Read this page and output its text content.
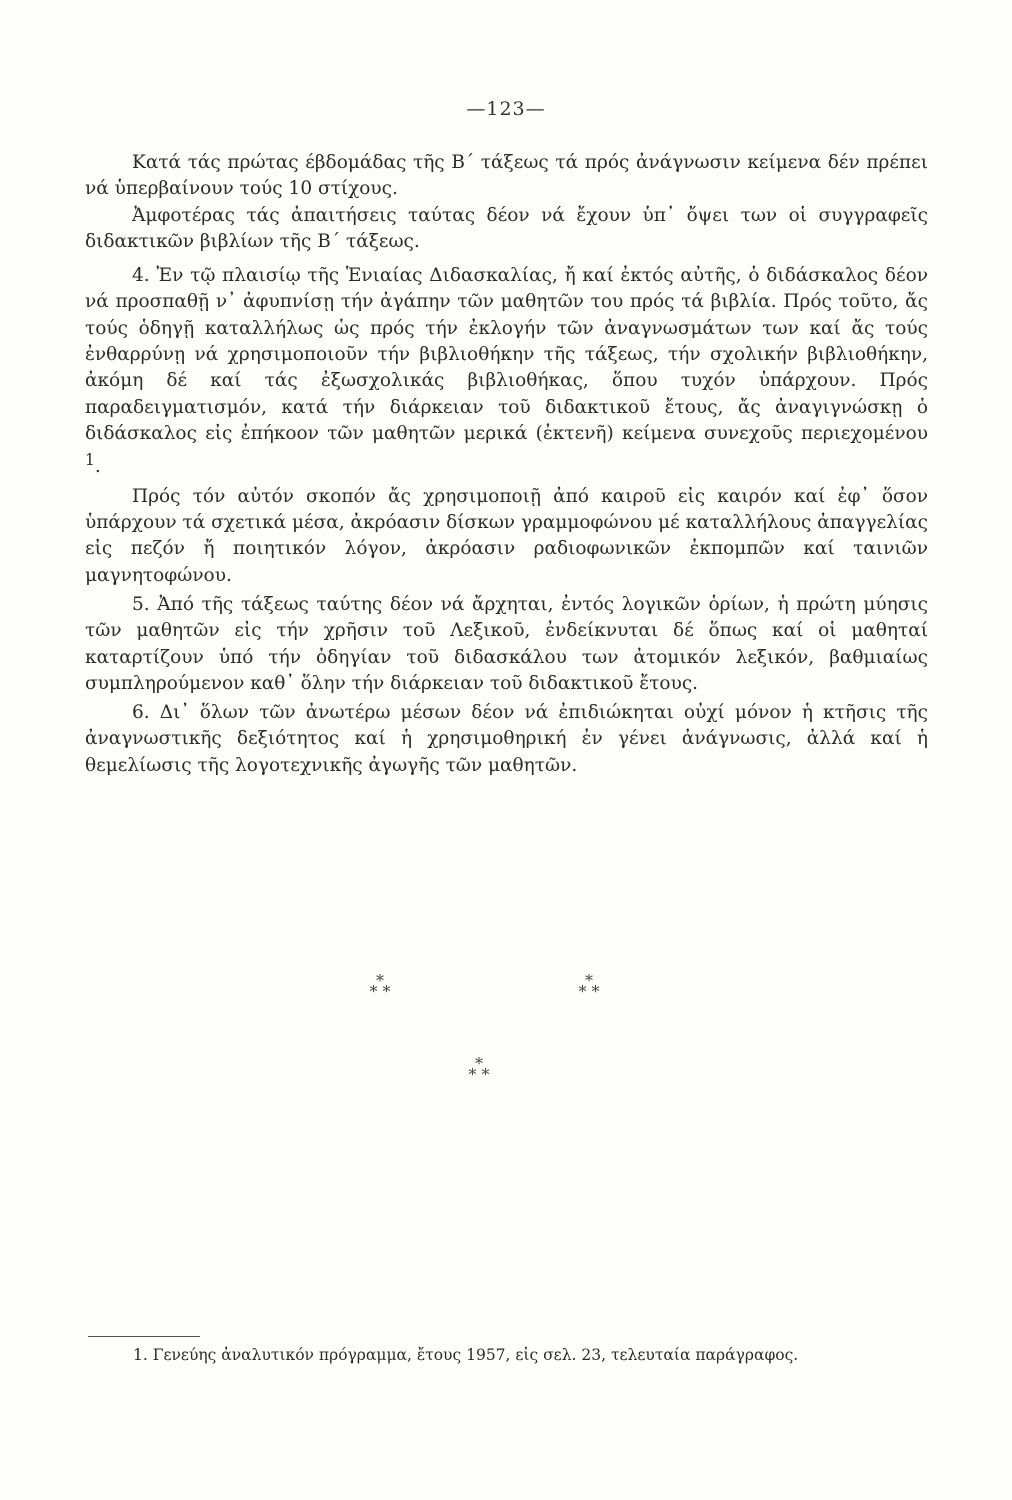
—123—

Κατά τάς πρώτας έβδομάδας τῆς Β΄ τάξεως τά πρός ἀνάγνωσιν κείμενα δέν πρέπει νά ὑπερβαίνουν τούς 10 στίχους.

Ἀμφοτέρας τάς ἀπαιτήσεις ταύτας δέον νά ἔχουν ὑπ᾽ ὄψει των οἱ συγγραφεῖς διδακτικῶν βιβλίων τῆς Β΄ τάξεως.

4. Ἐν τῷ πλαισίῳ τῆς Ἑνιαίας Διδασκαλίας, ἤ καί ἐκτός αὐτῆς, ὁ διδάσκαλος δέον νά προσπαθῇ ν᾽ ἀφυπνίσῃ τήν ἀγάπην τῶν μαθητῶν του πρός τά βιβλία. Πρός τοῦτο, ἄς τούς ὁδηγῇ καταλλήλως ὡς πρός τήν ἐκλογήν τῶν ἀναγνωσμάτων των καί ἄς τούς ἐνθαρρύνῃ νά χρησιμοποιοῦν τήν βιβλιοθήκην τῆς τάξεως, τήν σχολικήν βιβλιοθήκην, ἀκόμη δέ καί τάς ἐξωσχολικάς βιβλιοθήκας, ὅπου τυχόν ὑπάρχουν. Πρός παραδειγματισμόν, κατά τήν διάρκειαν τοῦ διδακτικοῦ ἔτους, ἄς ἀναγιγνώσκῃ ὁ διδάσκαλος εἰς ἐπήκοον τῶν μαθητῶν μερικά (ἐκτενῆ) κείμενα συνεχοῦς περιεχομένου $^1$.

Πρός τόν αὐτόν σκοπόν ἄς χρησιμοποιῇ ἀπό καιροῦ εἰς καιρόν καί ἐφ᾽ ὅσον ὑπάρχουν τά σχετικά μέσα, ἀκρόασιν δίσκων γραμμοφώνου μέ καταλλήλους ἀπαγγελίας εἰς πεζόν ἤ ποιητικόν λόγον, ἀκρόασιν ραδιοφωνικῶν ἐκπομπῶν καί ταινιῶν μαγνητοφώνου.

5. Ἀπό τῆς τάξεως ταύτης δέον νά ἄρχηται, ἐντός λογικῶν ὁρίων, ἡ πρώτη μύησις τῶν μαθητῶν εἰς τήν χρῆσιν τοῦ Λεξικοῦ, ἐνδείκνυται δέ ὅπως καί οἱ μαθηταί καταρτίζουν ὑπό τήν ὁδηγίαν τοῦ διδασκάλου των ἀτομικόν λεξικόν, βαθμιαίως συμπληρούμενον καθ᾽ ὅλην τήν διάρκειαν τοῦ διδακτικοῦ ἔτους.

6. Δι᾽ ὅλων τῶν ἀνωτέρω μέσων δέον νά ἐπιδιώκηται οὐχί μόνον ἡ κτῆσις τῆς ἀναγνωστικῆς δεξιότητος καί ἡ χρησιμοθηρική ἐν γένει ἀνάγνωσις, ἀλλά καί ἡ θεμελίωσις τῆς λογοτεχνικῆς ἀγωγῆς τῶν μαθητῶν.

*
* *
*
* *
*
* *
1. Γενεύης ἀναλυτικόν πρόγραμμα, ἔτους 1957, εἰς σελ. 23, τελευταία παράγραφος.
